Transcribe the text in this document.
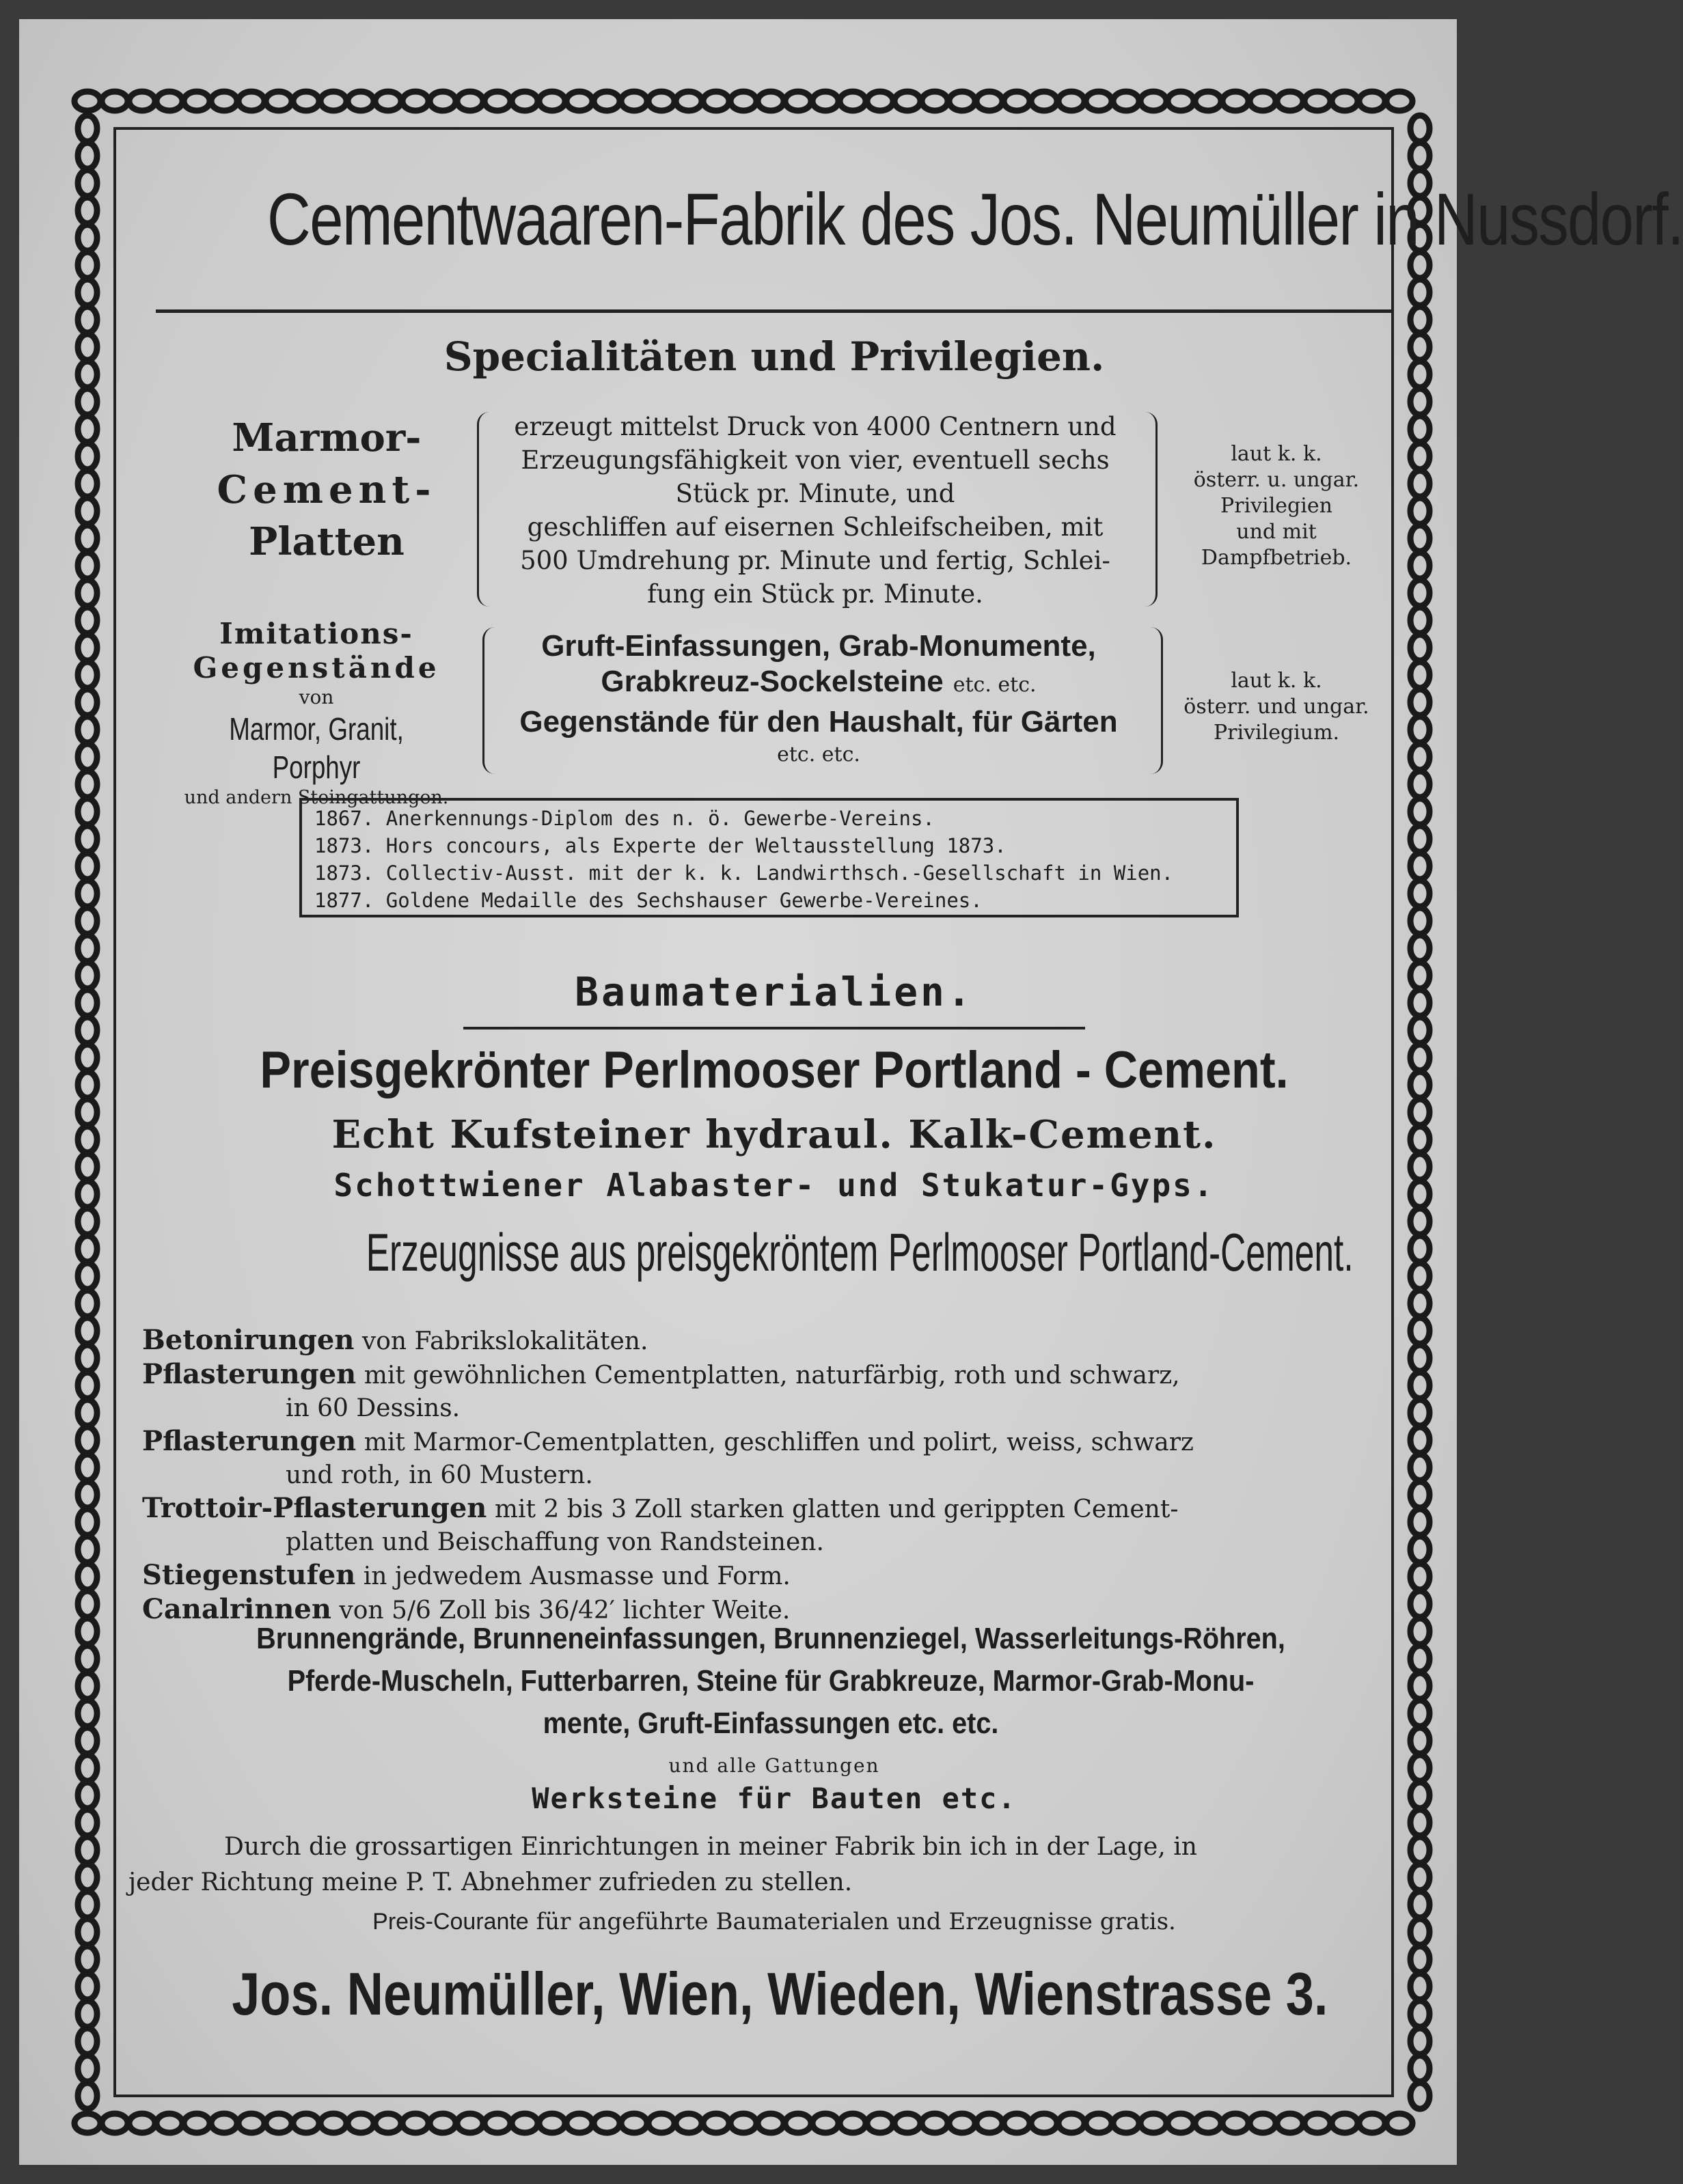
Cementwaaren-Fabrik des Jos. Neumüller in Nussdorf.
Specialitäten und Privilegien.
Marmor-
Cement-
Platten
erzeugt mittelst Druck von 4000 Centnern und
Erzeugungsfähigkeit von vier, eventuell sechs
Stück pr. Minute, und
geschliffen auf eisernen Schleifscheiben, mit
500 Umdrehung pr. Minute und fertig, Schlei-
fung ein Stück pr. Minute.
laut k. k.
österr. u. ungar.
Privilegien
und mit
Dampfbetrieb.
Imitations-
Gegenstände
von
Marmor, Granit, Porphyr
und andern Steingattungen.
Gruft-Einfassungen, Grab-Monumente,
Grabkreuz-Sockelsteine etc. etc.
Gegenstände für den Haushalt, für Gärten
etc. etc.
laut k. k.
österr. und ungar.
Privilegium.
1867. Anerkennungs-Diplom des n. ö. Gewerbe-Vereins.
1873. Hors concours, als Experte der Weltausstellung 1873.
1873. Collectiv-Ausst. mit der k. k. Landwirthsch.-Gesellschaft in Wien.
1877. Goldene Medaille des Sechshauser Gewerbe-Vereines.
Baumaterialien.
Preisgekrönter Perlmooser Portland - Cement.
Echt Kufsteiner hydraul. Kalk-Cement.
Schottwiener Alabaster- und Stukatur-Gyps.
Erzeugnisse aus preisgekröntem Perlmooser Portland-Cement.
Betonirungen von Fabrikslokalitäten.
Pflasterungen mit gewöhnlichen Cementplatten, naturfärbig, roth und schwarz,
in 60 Dessins.
Pflasterungen mit Marmor-Cementplatten, geschliffen und polirt, weiss, schwarz
und roth, in 60 Mustern.
Trottoir-Pflasterungen mit 2 bis 3 Zoll starken glatten und gerippten Cement-
platten und Beischaffung von Randsteinen.
Stiegenstufen in jedwedem Ausmasse und Form.
Canalrinnen von 5/6 Zoll bis 36/42′ lichter Weite.
Brunnengrände, Brunneneinfassungen, Brunnenziegel, Wasserleitungs-Röhren,
Pferde-Muscheln, Futterbarren, Steine für Grabkreuze, Marmor-Grab-Monu-
mente, Gruft-Einfassungen etc. etc.
und alle Gattungen
Werksteine für Bauten etc.
Durch die grossartigen Einrichtungen in meiner Fabrik bin ich in der Lage, in
jeder Richtung meine P. T. Abnehmer zufrieden zu stellen.
Preis-Courante für angeführte Baumaterialen und Erzeugnisse gratis.
Jos. Neumüller, Wien, Wieden, Wienstrasse 3.
